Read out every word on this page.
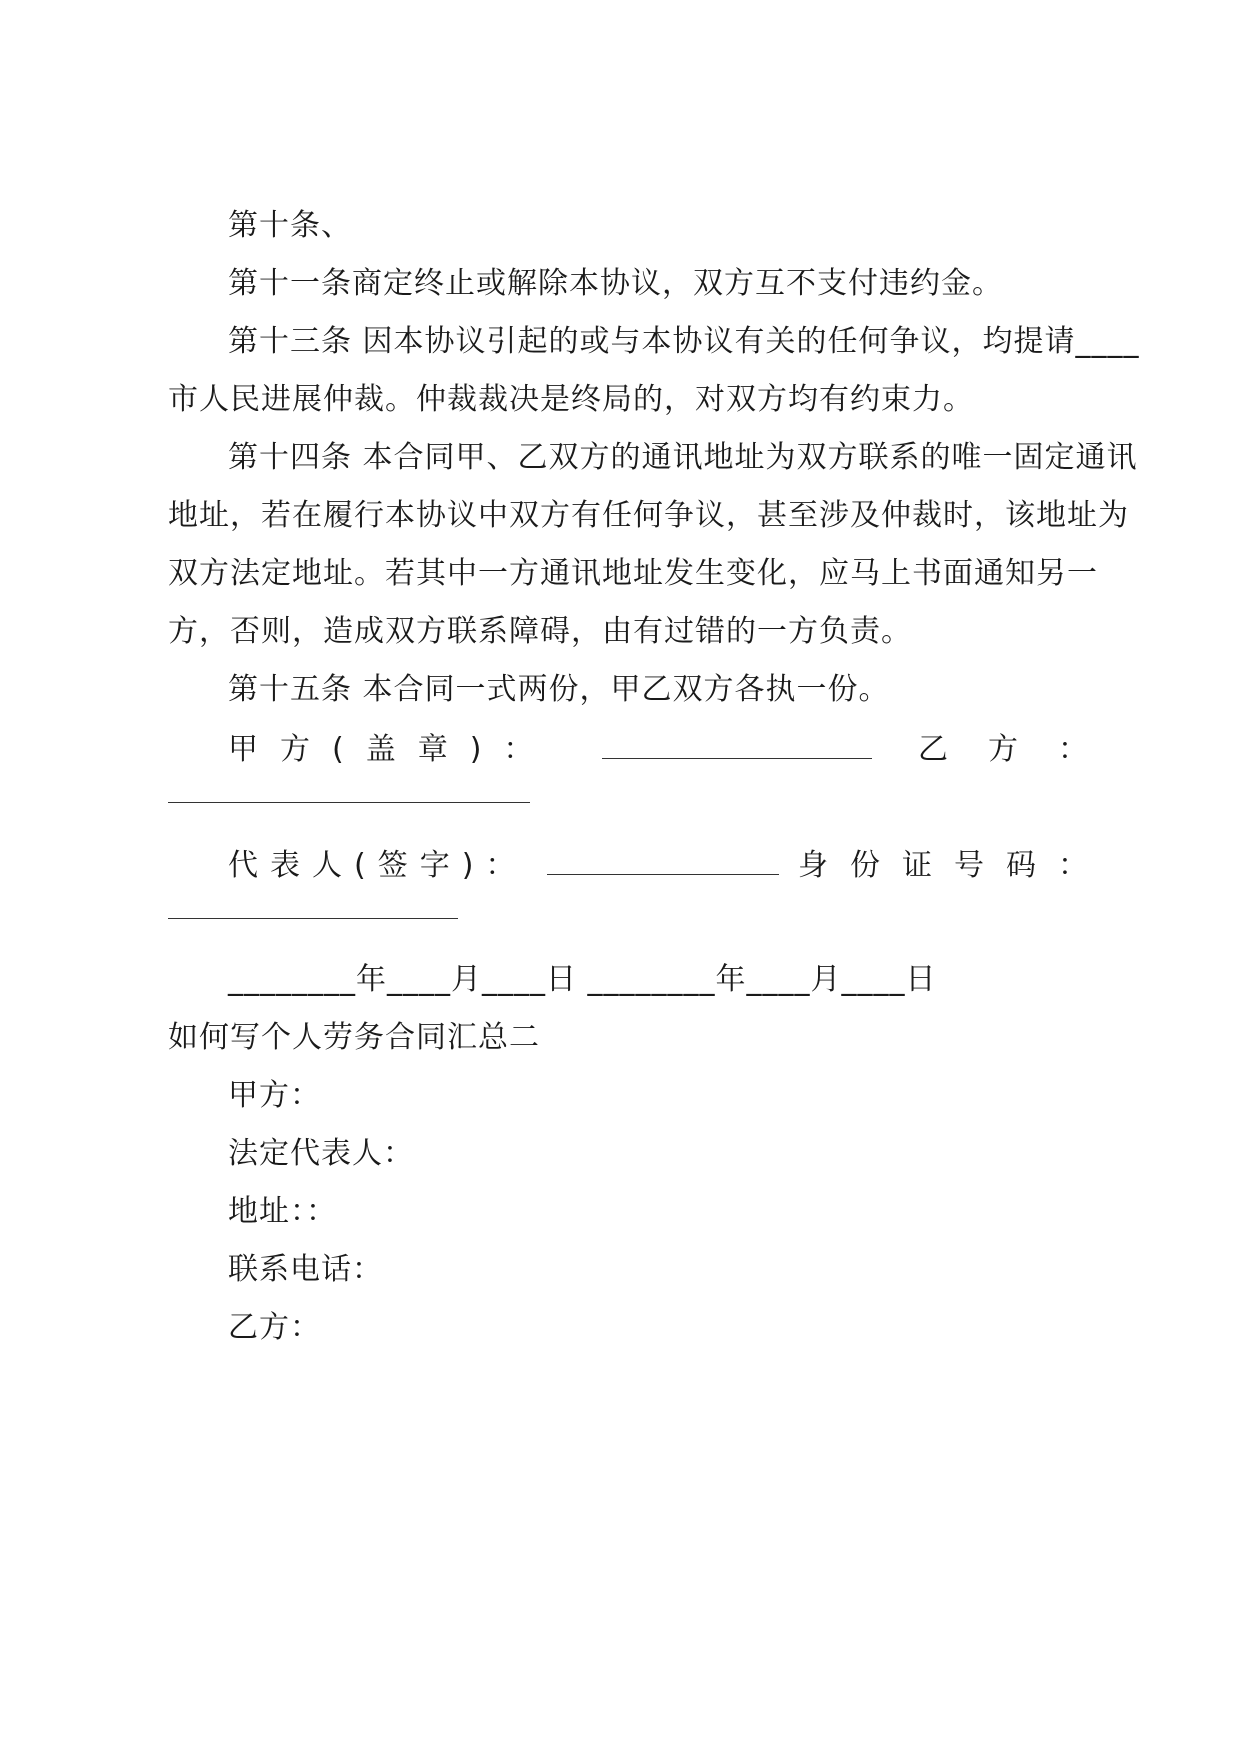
第十条、
第十一条商定终止或解除本协议，双方互不支付违约金。
第十三条 因本协议引起的或与本协议有关的任何争议，均提请____
市人民进展仲裁。仲裁裁决是终局的，对双方均有约束力。
第十四条 本合同甲、乙双方的通讯地址为双方联系的唯一固定通讯
地址，若在履行本协议中双方有任何争议，甚至涉及仲裁时，该地址为
双方法定地址。若其中一方通讯地址发生变化，应马上书面通知另一
方，否则，造成双方联系障碍，由有过错的一方负责。
第十五条 本合同一式两份，甲乙双方各执一份。
甲方(盖章)：	乙方：
代表人(签字)：	身份证号码：
________年____月____日 ________年____月____日
如何写个人劳务合同汇总二
甲方：
法定代表人：
地址：：
联系电话：
乙方：
